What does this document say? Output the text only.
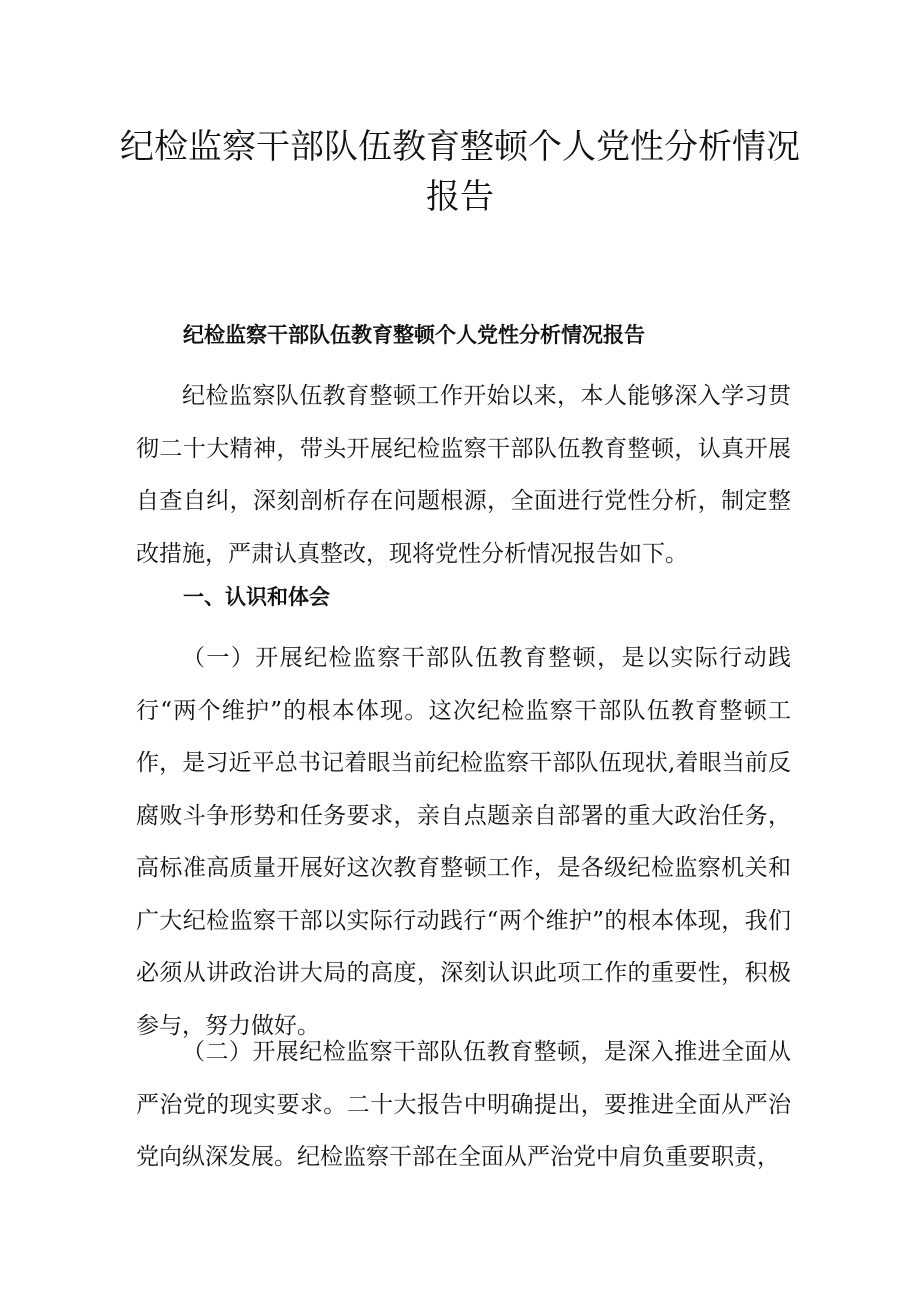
纪检监察干部队伍教育整顿个人党性分析情况报告
纪检监察干部队伍教育整顿个人党性分析情况报告

纪检监察队伍教育整顿工作开始以来，本人能够深入学习贯彻二十大精神，带头开展纪检监察干部队伍教育整顿，认真开展自查自纠，深刻剖析存在问题根源，全面进行党性分析，制定整改措施，严肃认真整改，现将党性分析情况报告如下。

一、认识和体会

（一）开展纪检监察干部队伍教育整顿，是以实际行动践行“两个维护”的根本体现。这次纪检监察干部队伍教育整顿工作，是习近平总书记着眼当前纪检监察干部队伍现状,着眼当前反腐败斗争形势和任务要求，亲自点题亲自部署的重大政治任务，高标准高质量开展好这次教育整顿工作，是各级纪检监察机关和广大纪检监察干部以实际行动践行“两个维护”的根本体现，我们必须从讲政治讲大局的高度，深刻认识此项工作的重要性，积极参与，努力做好。

（二）开展纪检监察干部队伍教育整顿，是深入推进全面从严治党的现实要求。二十大报告中明确提出，要推进全面从严治党向纵深发展。纪检监察干部在全面从严治党中肩负重要职责，
